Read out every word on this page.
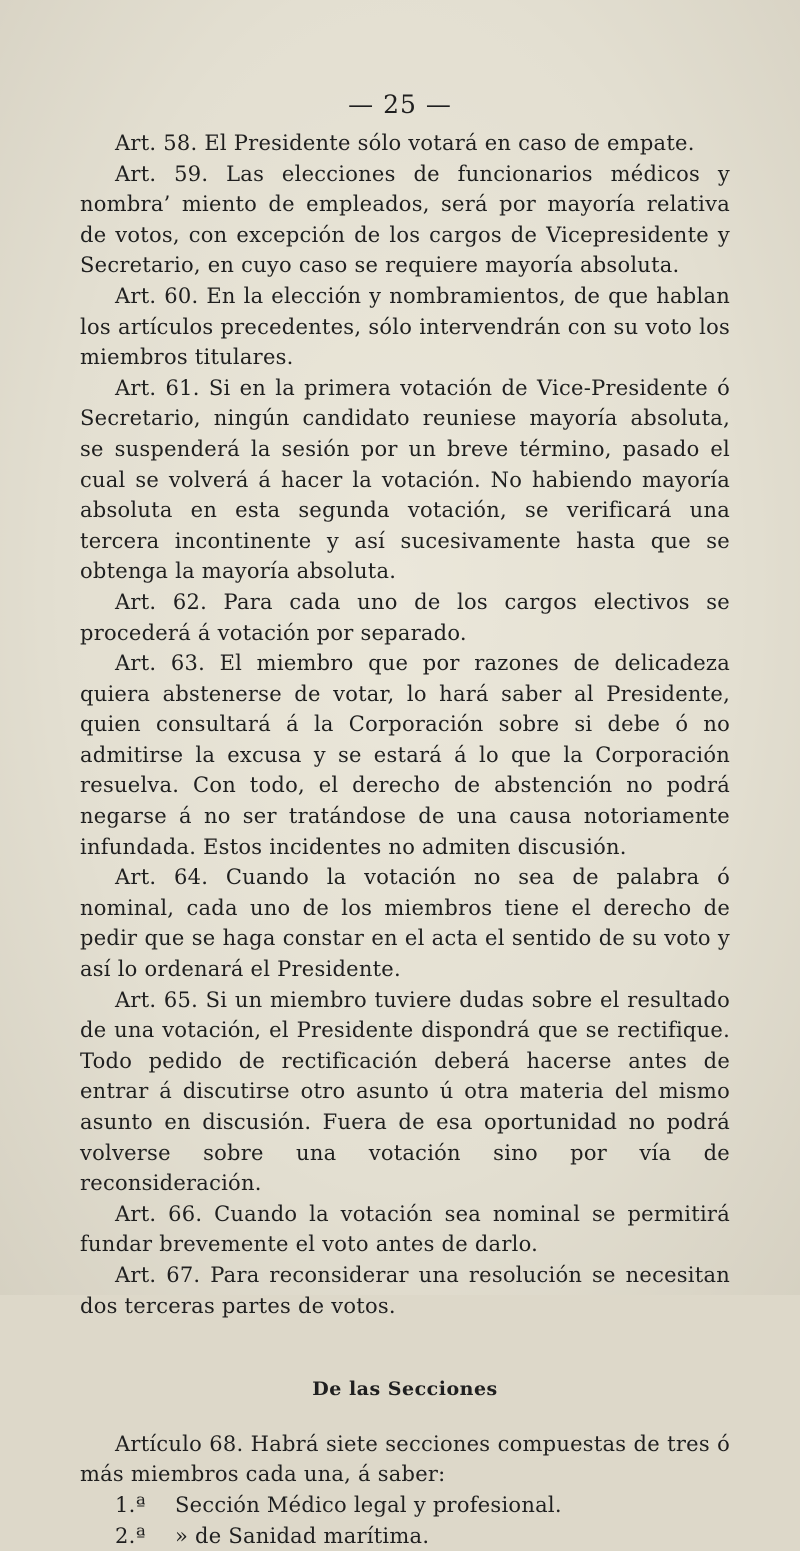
— 25 —

Art. 58. El Presidente sólo votará en caso de empate.

Art. 59. Las elecciones de funcionarios médicos y nombra’ miento de empleados, será por mayoría relativa de votos, con excepción de los cargos de Vicepresidente y Secretario, en cuyo caso se requiere mayoría absoluta.

Art. 60. En la elección y nombramientos, de que hablan los artículos precedentes, sólo intervendrán con su voto los miembros titulares.

Art. 61. Si en la primera votación de Vice-Presidente ó Secretario, ningún candidato reuniese mayoría absoluta, se suspenderá la sesión por un breve término, pasado el cual se volverá á hacer la votación. No habiendo mayoría absoluta en esta segunda votación, se verificará una tercera incontinente y así sucesivamente hasta que se obtenga la mayoría absoluta.

Art. 62. Para cada uno de los cargos electivos se procederá á votación por separado.

Art. 63. El miembro que por razones de delicadeza quiera abstenerse de votar, lo hará saber al Presidente, quien consultará á la Corporación sobre si debe ó no admitirse la excusa y se estará á lo que la Corporación resuelva. Con todo, el derecho de abstención no podrá negarse á no ser tratándose de una causa notoriamente infundada. Estos incidentes no admiten discusión.

Art. 64. Cuando la votación no sea de palabra ó nominal, cada uno de los miembros tiene el derecho de pedir que se haga constar en el acta el sentido de su voto y así lo ordenará el Presidente.

Art. 65. Si un miembro tuviere dudas sobre el resultado de una votación, el Presidente dispondrá que se rectifique. Todo pedido de rectificación deberá hacerse antes de entrar á discutirse otro asunto ú otra materia del mismo asunto en discusión. Fuera de esa oportunidad no podrá volverse sobre una votación sino por vía de reconsideración.

Art. 66. Cuando la votación sea nominal se permitirá fundar brevemente el voto antes de darlo.

Art. 67. Para reconsiderar una resolución se necesitan dos terceras partes de votos.

De las Secciones

Artículo 68. Habrá siete secciones compuestas de tres ó más miembros cada una, á saber:

1.ª Sección Médico legal y profesional.

2.ª » de Sanidad marítima.
